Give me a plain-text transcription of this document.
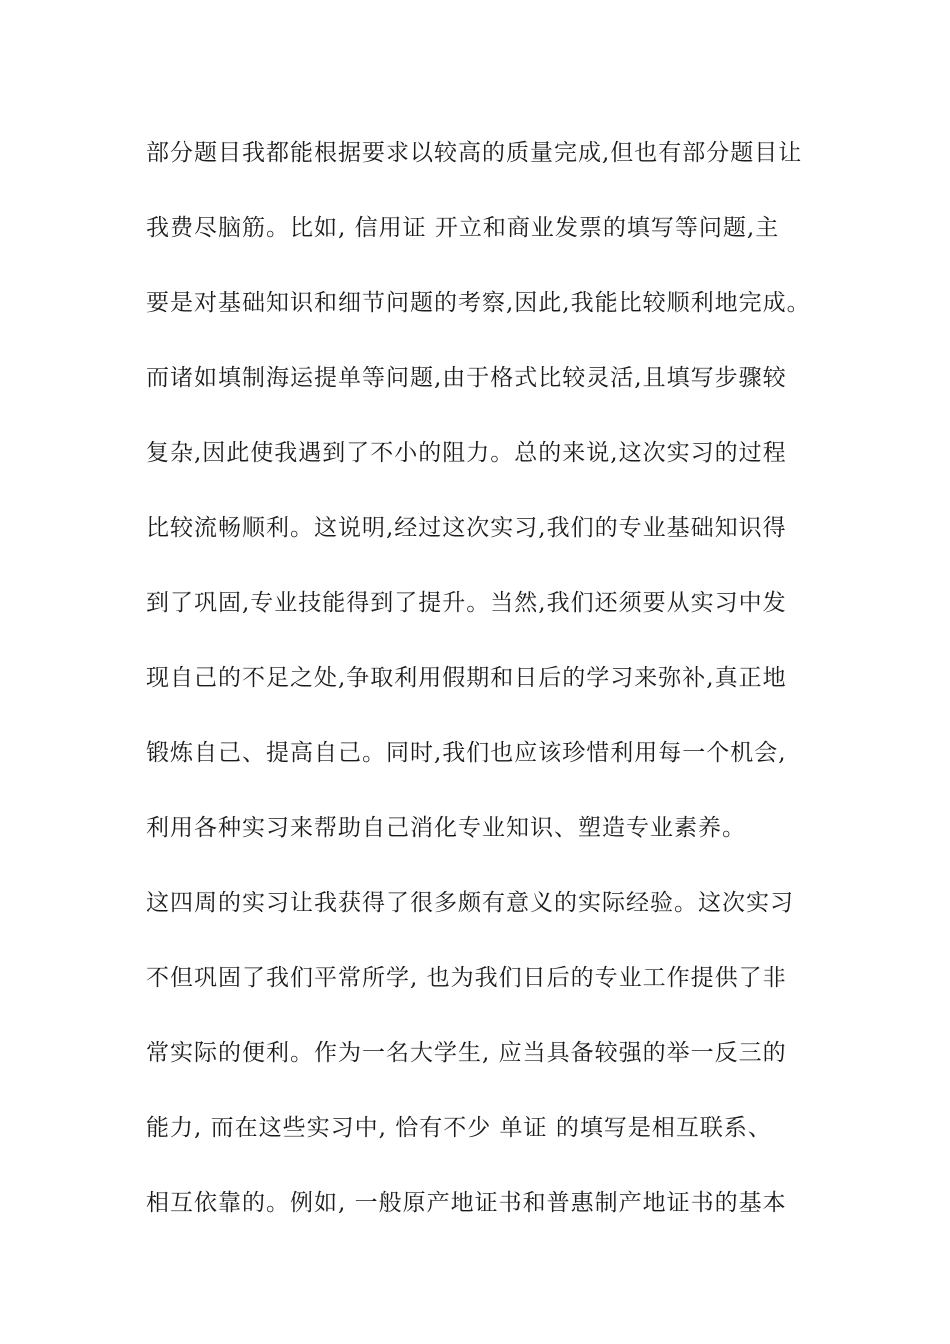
部分题目我都能根据要求以较高的质量完成,但也有部分题目让
我费尽脑筋。比如, 信用证 开立和商业发票的填写等问题,主
要是对基础知识和细节问题的考察,因此,我能比较顺利地完成。
而诸如填制海运提单等问题,由于格式比较灵活,且填写步骤较
复杂,因此使我遇到了不小的阻力。总的来说,这次实习的过程
比较流畅顺利。这说明,经过这次实习,我们的专业基础知识得
到了巩固,专业技能得到了提升。当然,我们还须要从实习中发
现自己的不足之处,争取利用假期和日后的学习来弥补,真正地
锻炼自己、提高自己。同时,我们也应该珍惜利用每一个机会,
利用各种实习来帮助自己消化专业知识、塑造专业素养。
这四周的实习让我获得了很多颇有意义的实际经验。这次实习
不但巩固了我们平常所学, 也为我们日后的专业工作提供了非
常实际的便利。作为一名大学生, 应当具备较强的举一反三的
能力, 而在这些实习中, 恰有不少 单证 的填写是相互联系、
相互依靠的。例如, 一般原产地证书和普惠制产地证书的基本
